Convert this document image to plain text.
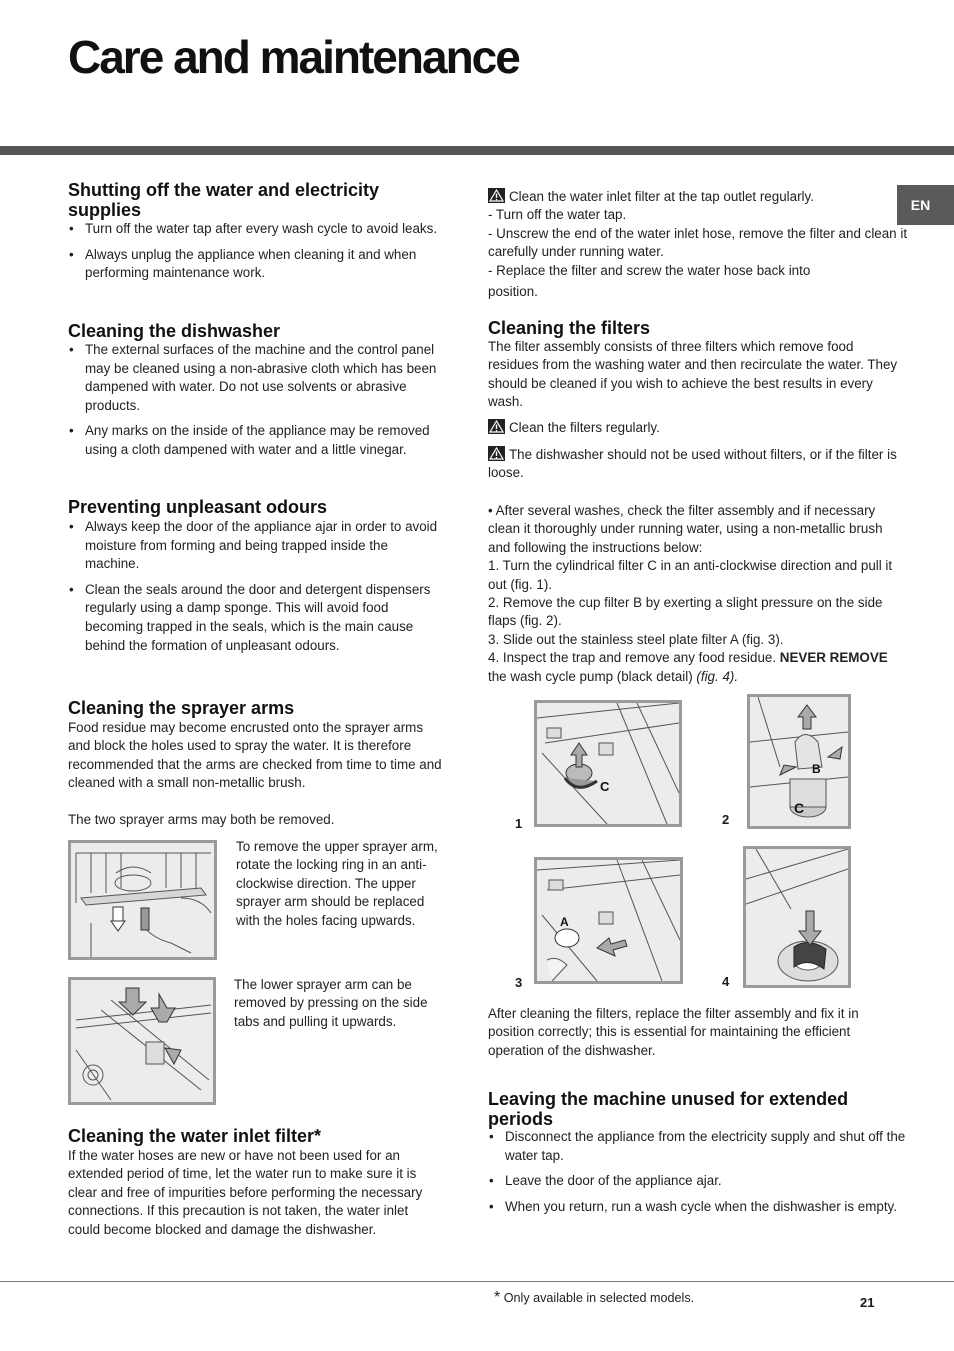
Care and maintenance
EN
Shutting off the water and electricity supplies
• Turn off the water tap after every wash cycle to avoid leaks.
• Always unplug the appliance when cleaning it and when performing maintenance work.
Cleaning the dishwasher
• The external surfaces of the machine and the control panel may be cleaned using a non-abrasive cloth which has been dampened with water. Do not use solvents or abrasive products.
• Any marks on the inside of the appliance may be removed using a cloth dampened with water and a little vinegar.
Preventing unpleasant odours
• Always keep the door of the appliance ajar in order to avoid moisture from forming and being trapped inside the machine.
• Clean the seals around the door and detergent dispensers regularly using a damp sponge. This will avoid food becoming trapped in the seals, which is the main cause behind the formation of unpleasant odours.
Cleaning the sprayer arms
Food residue may become encrusted onto the sprayer arms and block the holes used to spray the water. It is therefore recommended that the arms are checked from time to time and cleaned with a small non-metallic brush.
The two sprayer arms may both be removed.
To remove the upper sprayer arm, rotate the locking ring in an anti-clockwise direction. The upper sprayer arm should be replaced with the holes facing upwards.
The lower sprayer arm can be removed by pressing on the side tabs and pulling it upwards.
Cleaning the water inlet filter*
If the water hoses are new or have not been used for an extended period of time, let the water run to make sure it is clear and free of impurities before performing the necessary connections. If this precaution is not taken, the water inlet could become blocked and damage the dishwasher.

Clean the water inlet filter at the tap outlet regularly.

- Turn off the water tap.

- Unscrew the end of the water inlet hose, remove the filter and clean it carefully under running water.

- Replace the filter and screw the water hose back into

position.

Cleaning the filters
The filter assembly consists of three filters which remove food residues from the washing water and then recirculate the water. They should be cleaned if you wish to achieve the best results in every wash.
Clean the filters regularly.
The dishwasher should not be used without filters, or if the filter is loose.

• After several washes, check the filter assembly and if necessary clean it thoroughly under running water, using a non-metallic brush and following the instructions below:

1. Turn the cylindrical filter C in an anti-clockwise direction and pull it out (fig. 1).

2. Remove the cup filter B by exerting a slight pressure on the side flaps (fig. 2).

3. Slide out the stainless steel plate filter A (fig. 3).

4. Inspect the trap and remove any food residue. NEVER REMOVE the wash cycle pump (black detail) (fig. 4).

C
1
B
C
2
A
3	4
After cleaning the filters, replace the filter assembly and fix it in position correctly; this is essential for maintaining the efficient operation of the dishwasher.
Leaving the machine unused for extended periods
• Disconnect the appliance from the electricity supply and shut off the water tap.
• Leave the door of the appliance ajar.
• When you return, run a wash cycle when the dishwasher is empty.
* Only available in selected models.	21
